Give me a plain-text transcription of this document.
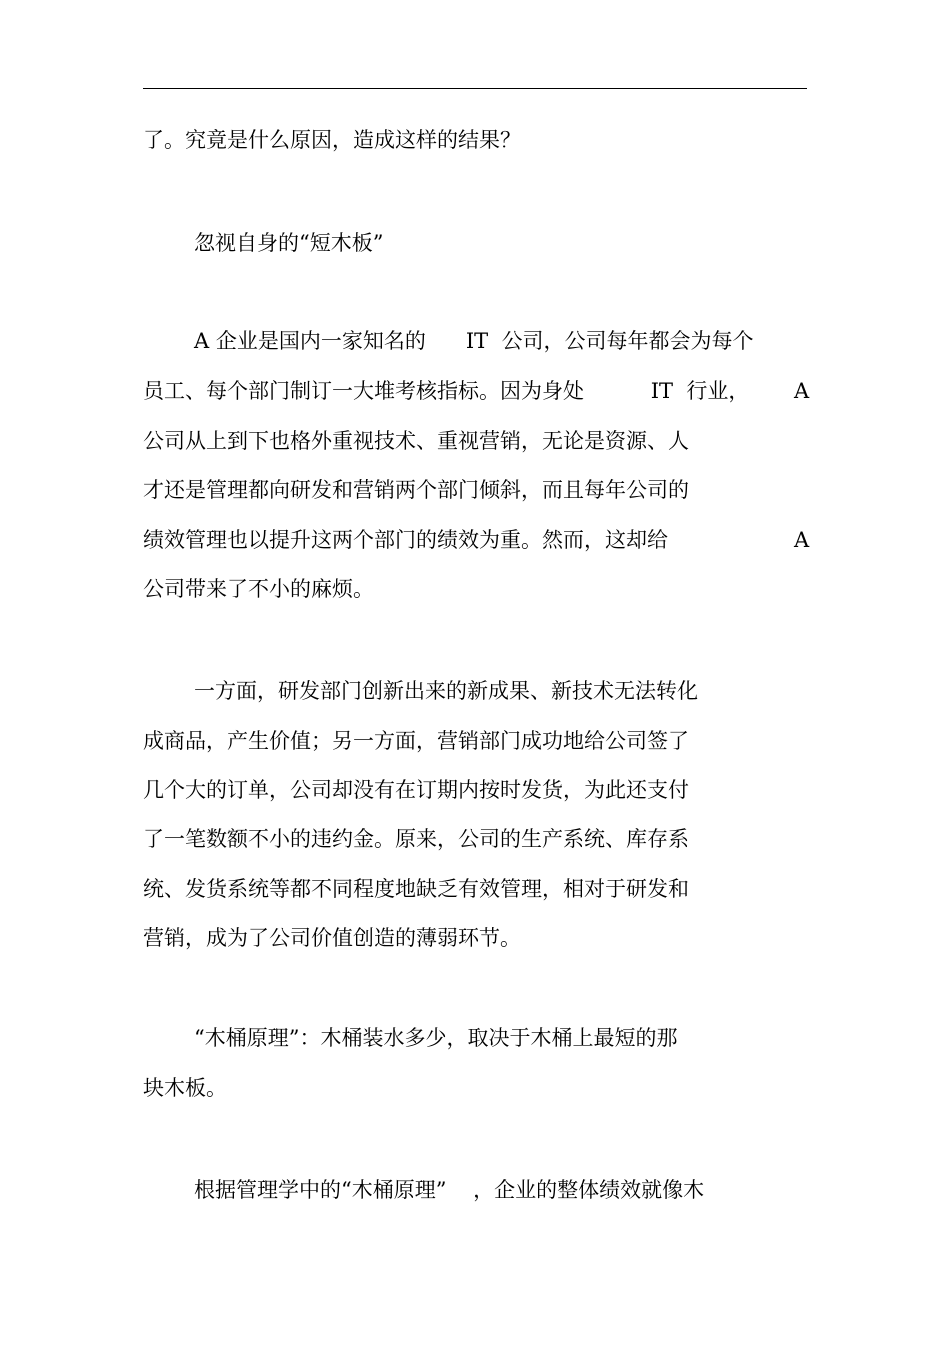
了。究竟是什么原因，造成这样的结果？
忽视自身的“短木板”
A 企业是国内一家知名的      IT  公司，公司每年都会为每个
员工、每个部门制订一大堆考核指标。因为身处          IT  行业， A
公司从上到下也格外重视技术、重视营销，无论是资源、人
才还是管理都向研发和营销两个部门倾斜，而且每年公司的
绩效管理也以提升这两个部门的绩效为重。然而，这却给	A
公司带来了不小的麻烦。
一方面，研发部门创新出来的新成果、新技术无法转化
成商品，产生价值；另一方面，营销部门成功地给公司签了
几个大的订单，公司却没有在订期内按时发货，为此还支付
了一笔数额不小的违约金。原来，公司的生产系统、库存系
统、发货系统等都不同程度地缺乏有效管理，相对于研发和
营销，成为了公司价值创造的薄弱环节。
“木桶原理”：木桶装水多少，取决于木桶上最短的那
块木板。
根据管理学中的“木桶原理”    ，企业的整体绩效就像木
